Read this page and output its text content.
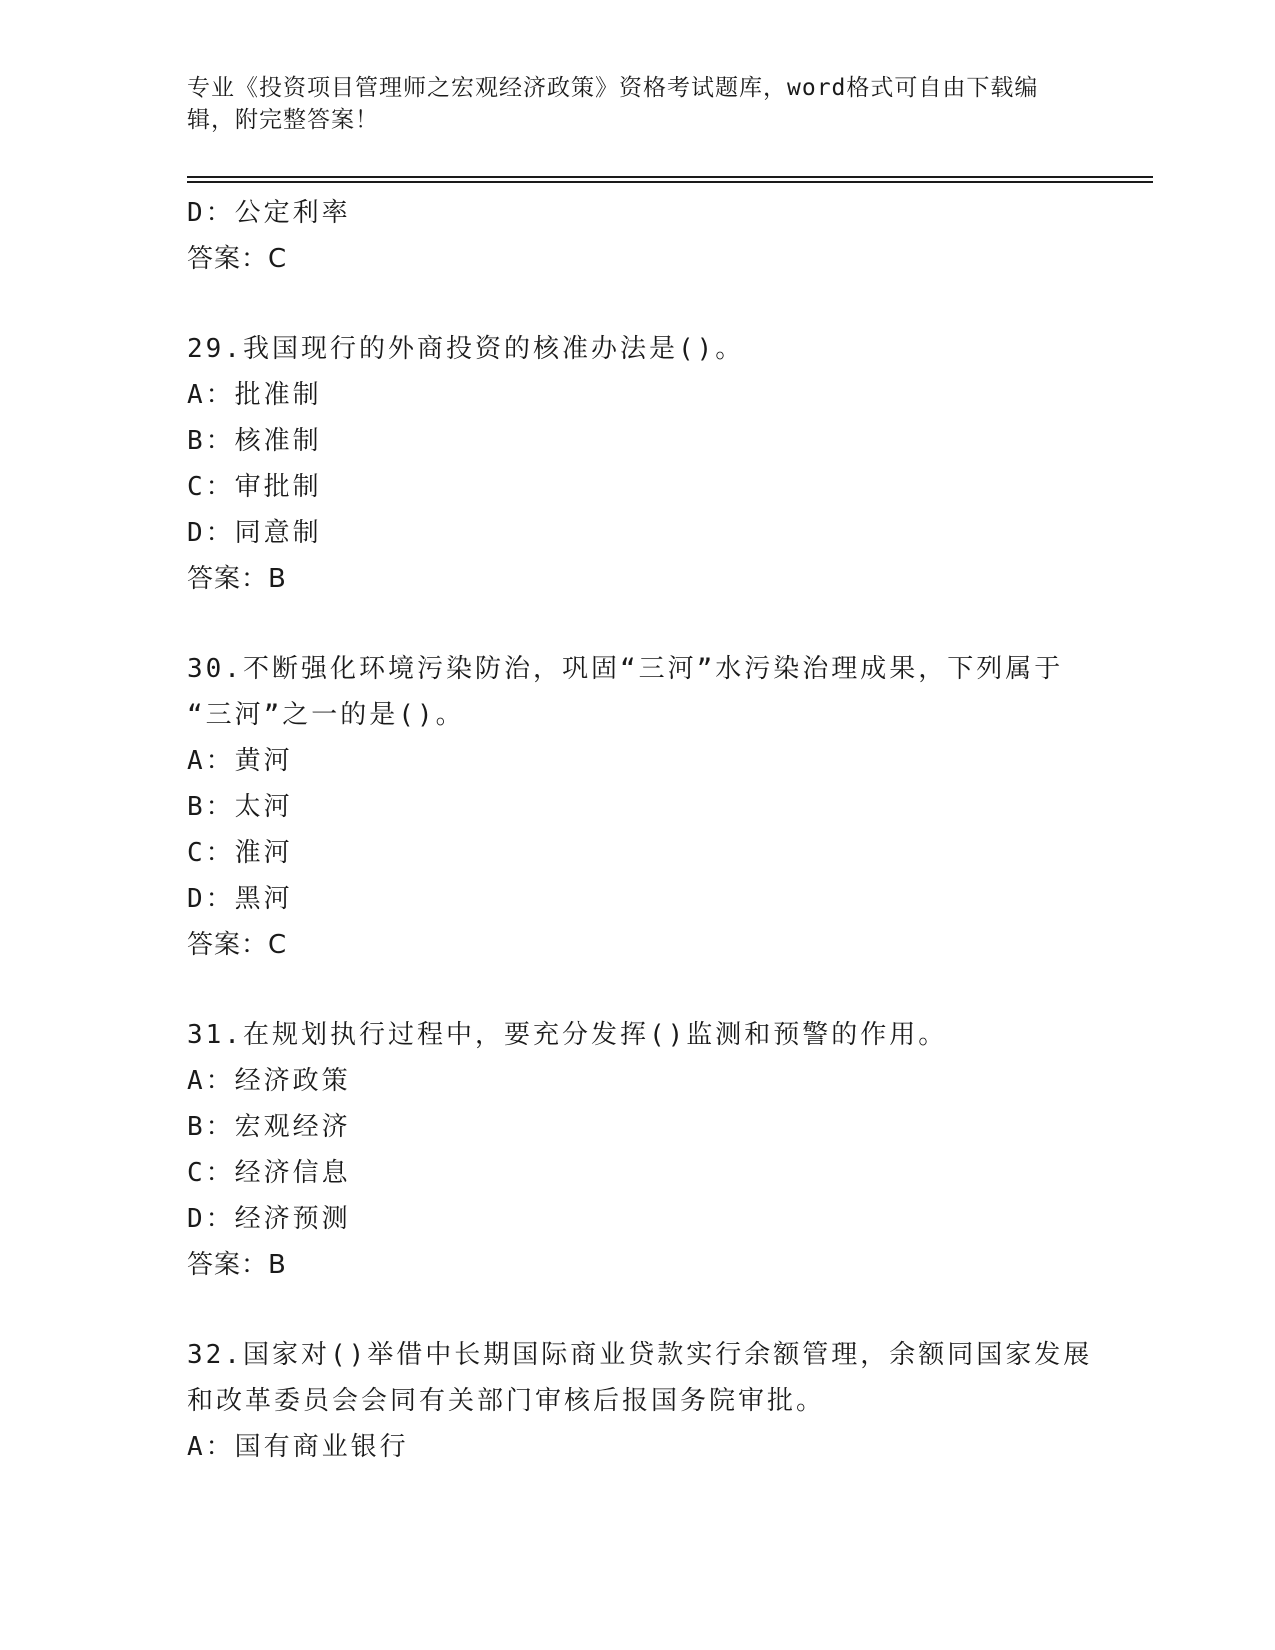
专业《投资项目管理师之宏观经济政策》资格考试题库，word格式可自由下载编
辑，附完整答案！
D：公定利率
答案：C
29.我国现行的外商投资的核准办法是()。
A：批准制
B：核准制
C：审批制
D：同意制
答案：B
30.不断强化环境污染防治，巩固“三河”水污染治理成果，下列属于
“三河”之一的是()。
A：黄河
B：太河
C：淮河
D：黑河
答案：C
31.在规划执行过程中，要充分发挥()监测和预警的作用。
A：经济政策
B：宏观经济
C：经济信息
D：经济预测
答案：B
32.国家对()举借中长期国际商业贷款实行余额管理，余额同国家发展
和改革委员会会同有关部门审核后报国务院审批。
A：国有商业银行
